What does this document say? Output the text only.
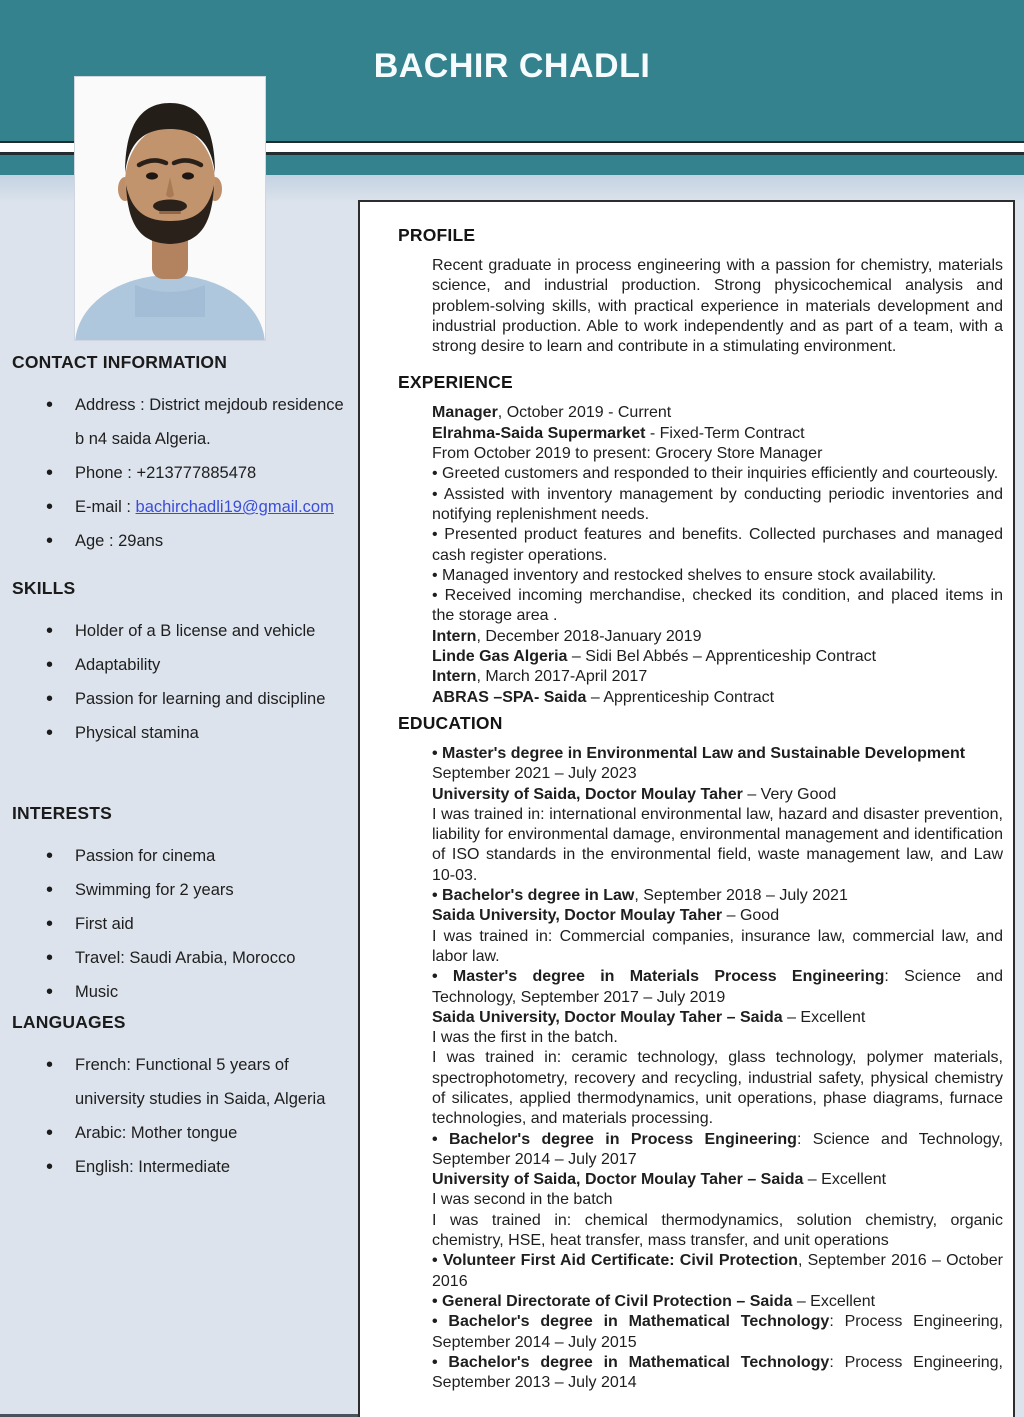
BACHIR CHADLI
CONTACT INFORMATION
• Address : District mejdoub residence
b n4 saida Algeria.
• Phone : +213777885478
• E-mail : bachirchadli19@gmail.com
• Age : 29ans
SKILLS
• Holder of a B license and vehicle
• Adaptability
• Passion for learning and discipline
• Physical stamina
INTERESTS
• Passion for cinema
• Swimming for 2 years
• First aid
• Travel: Saudi Arabia, Morocco
• Music
LANGUAGES
• French: Functional 5 years of
university studies in Saida, Algeria
• Arabic: Mother tongue
• English: Intermediate
PROFILE
Recent graduate in process engineering with a passion for chemistry, materials science, and industrial production. Strong physicochemical analysis and problem-solving skills, with practical experience in materials development and industrial production. Able to work independently and as part of a team, with a strong desire to learn and contribute in a stimulating environment.
EXPERIENCE
Manager, October 2019 - Current
Elrahma-Saida Supermarket - Fixed-Term Contract
From October 2019 to present: Grocery Store Manager
• Greeted customers and responded to their inquiries efficiently and courteously.
• Assisted with inventory management by conducting periodic inventories and notifying replenishment needs.
• Presented product features and benefits. Collected purchases and managed cash register operations.
• Managed inventory and restocked shelves to ensure stock availability.
• Received incoming merchandise, checked its condition, and placed items in the storage area .
Intern, December 2018-January 2019
Linde Gas Algeria – Sidi Bel Abbés – Apprenticeship Contract
Intern, March 2017-April 2017
ABRAS –SPA- Saida – Apprenticeship Contract
EDUCATION
• Master's degree in Environmental Law and Sustainable Development
September 2021 – July 2023
University of Saida, Doctor Moulay Taher – Very Good
I was trained in: international environmental law, hazard and disaster prevention, liability for environmental damage, environmental management and identification of ISO standards in the environmental field, waste management law, and Law 10-03.
• Bachelor's degree in Law, September 2018 – July 2021
Saida University, Doctor Moulay Taher – Good
I was trained in: Commercial companies, insurance law, commercial law, and labor law.
• Master's degree in Materials Process Engineering: Science and Technology, September 2017 – July 2019
Saida University, Doctor Moulay Taher – Saida – Excellent
I was the first in the batch.
I was trained in: ceramic technology, glass technology, polymer materials, spectrophotometry, recovery and recycling, industrial safety, physical chemistry of silicates, applied thermodynamics, unit operations, phase diagrams, furnace technologies, and materials processing.
• Bachelor's degree in Process Engineering: Science and Technology, September 2014 – July 2017
University of Saida, Doctor Moulay Taher – Saida – Excellent
I was second in the batch
I was trained in: chemical thermodynamics, solution chemistry, organic chemistry, HSE, heat transfer, mass transfer, and unit operations
• Volunteer First Aid Certificate: Civil Protection, September 2016 – October 2016
• General Directorate of Civil Protection – Saida – Excellent
• Bachelor's degree in Mathematical Technology: Process Engineering, September 2014 – July 2015
• Bachelor's degree in Mathematical Technology: Process Engineering, September 2013 – July 2014
